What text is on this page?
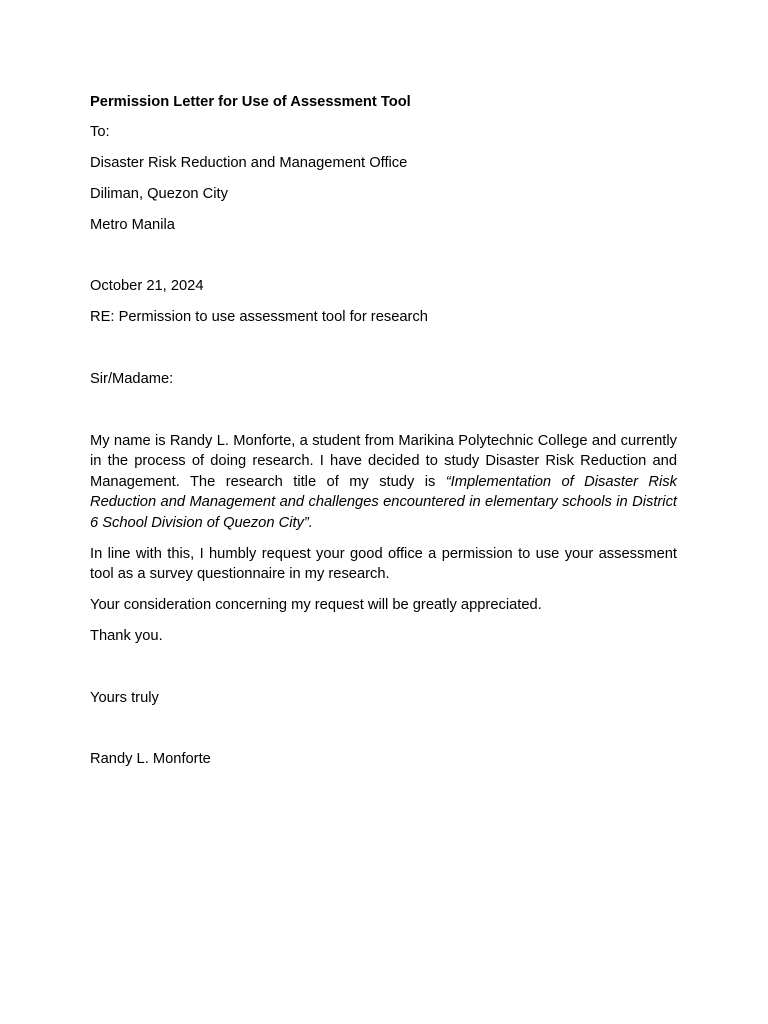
Permission Letter for Use of Assessment Tool
To:
Disaster Risk Reduction and Management Office
Diliman, Quezon City
Metro Manila
October 21, 2024
RE: Permission to use assessment tool for research
Sir/Madame:
My name is Randy L. Monforte, a student from Marikina Polytechnic College and currently in the process of doing research. I have decided to study Disaster Risk Reduction and Management. The research title of my study is “Implementation of Disaster Risk Reduction and Management and challenges encountered in elementary schools in District 6 School Division of Quezon City”.
In line with this, I humbly request your good office a permission to use your assessment tool as a survey questionnaire in my research.
Your consideration concerning my request will be greatly appreciated.
Thank you.
Yours truly
Randy L. Monforte
